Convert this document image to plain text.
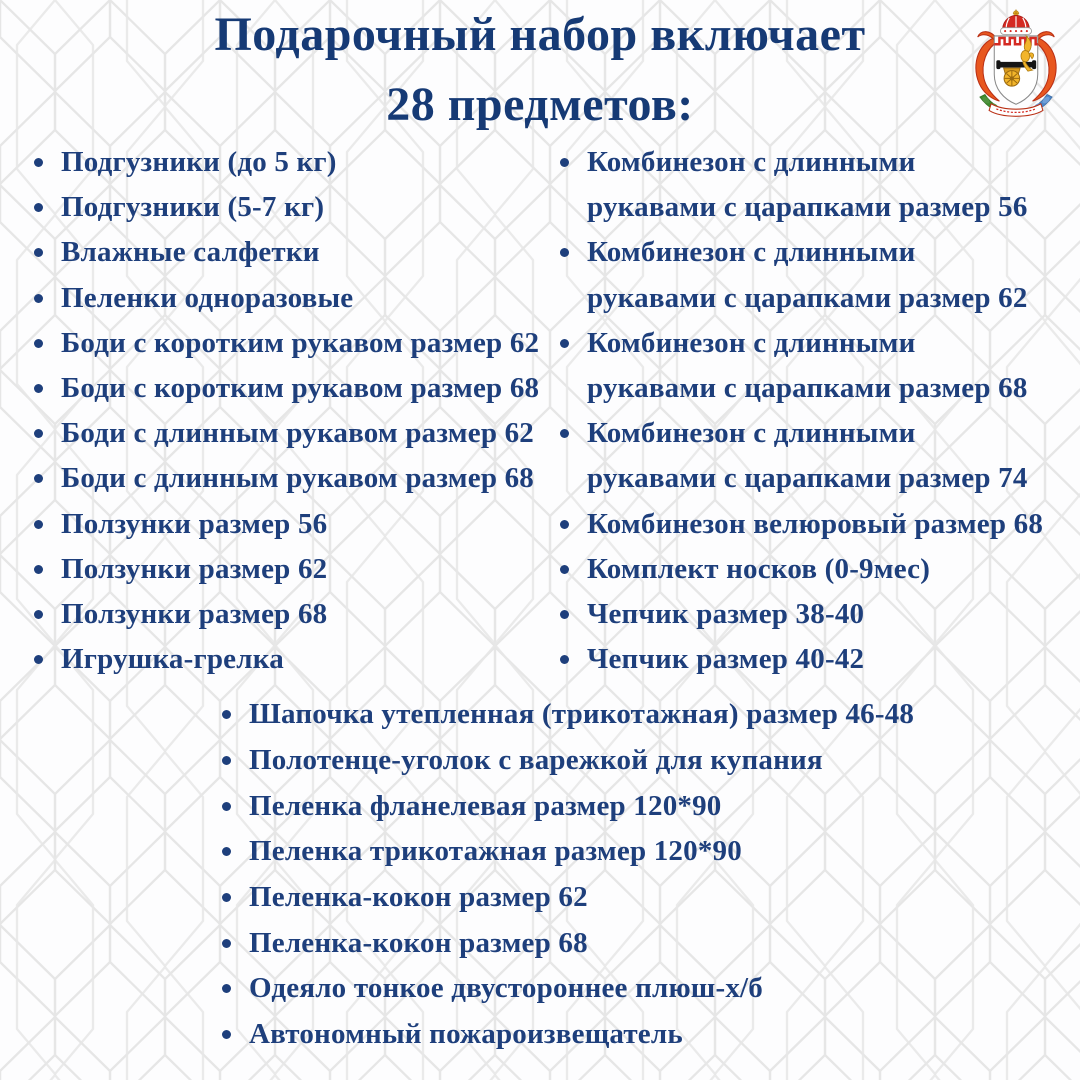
Подарочный набор включает
28 предметов:
Подгузники (до 5 кг)
Подгузники (5-7 кг)
Влажные салфетки
Пеленки одноразовые
Боди с коротким рукавом размер 62
Боди с коротким рукавом размер 68
Боди с длинным рукавом размер 62
Боди с длинным рукавом размер 68
Ползунки размер 56
Ползунки размер 62
Ползунки размер 68
Игрушка-грелка
Комбинезон с длинными
рукавами с царапками размер 56
Комбинезон с длинными
рукавами с царапками размер 62
Комбинезон с длинными
рукавами с царапками размер 68
Комбинезон с длинными
рукавами с царапками размер 74
Комбинезон велюровый размер 68
Комплект носков (0-9мес)
Чепчик размер 38-40
Чепчик размер 40-42
Шапочка утепленная (трикотажная) размер 46-48
Полотенце-уголок с варежкой для купания
Пеленка фланелевая размер 120*90
Пеленка трикотажная размер 120*90
Пеленка-кокон размер 62
Пеленка-кокон размер 68
Одеяло тонкое двустороннее плюш-х/б
Автономный пожароизвещатель
